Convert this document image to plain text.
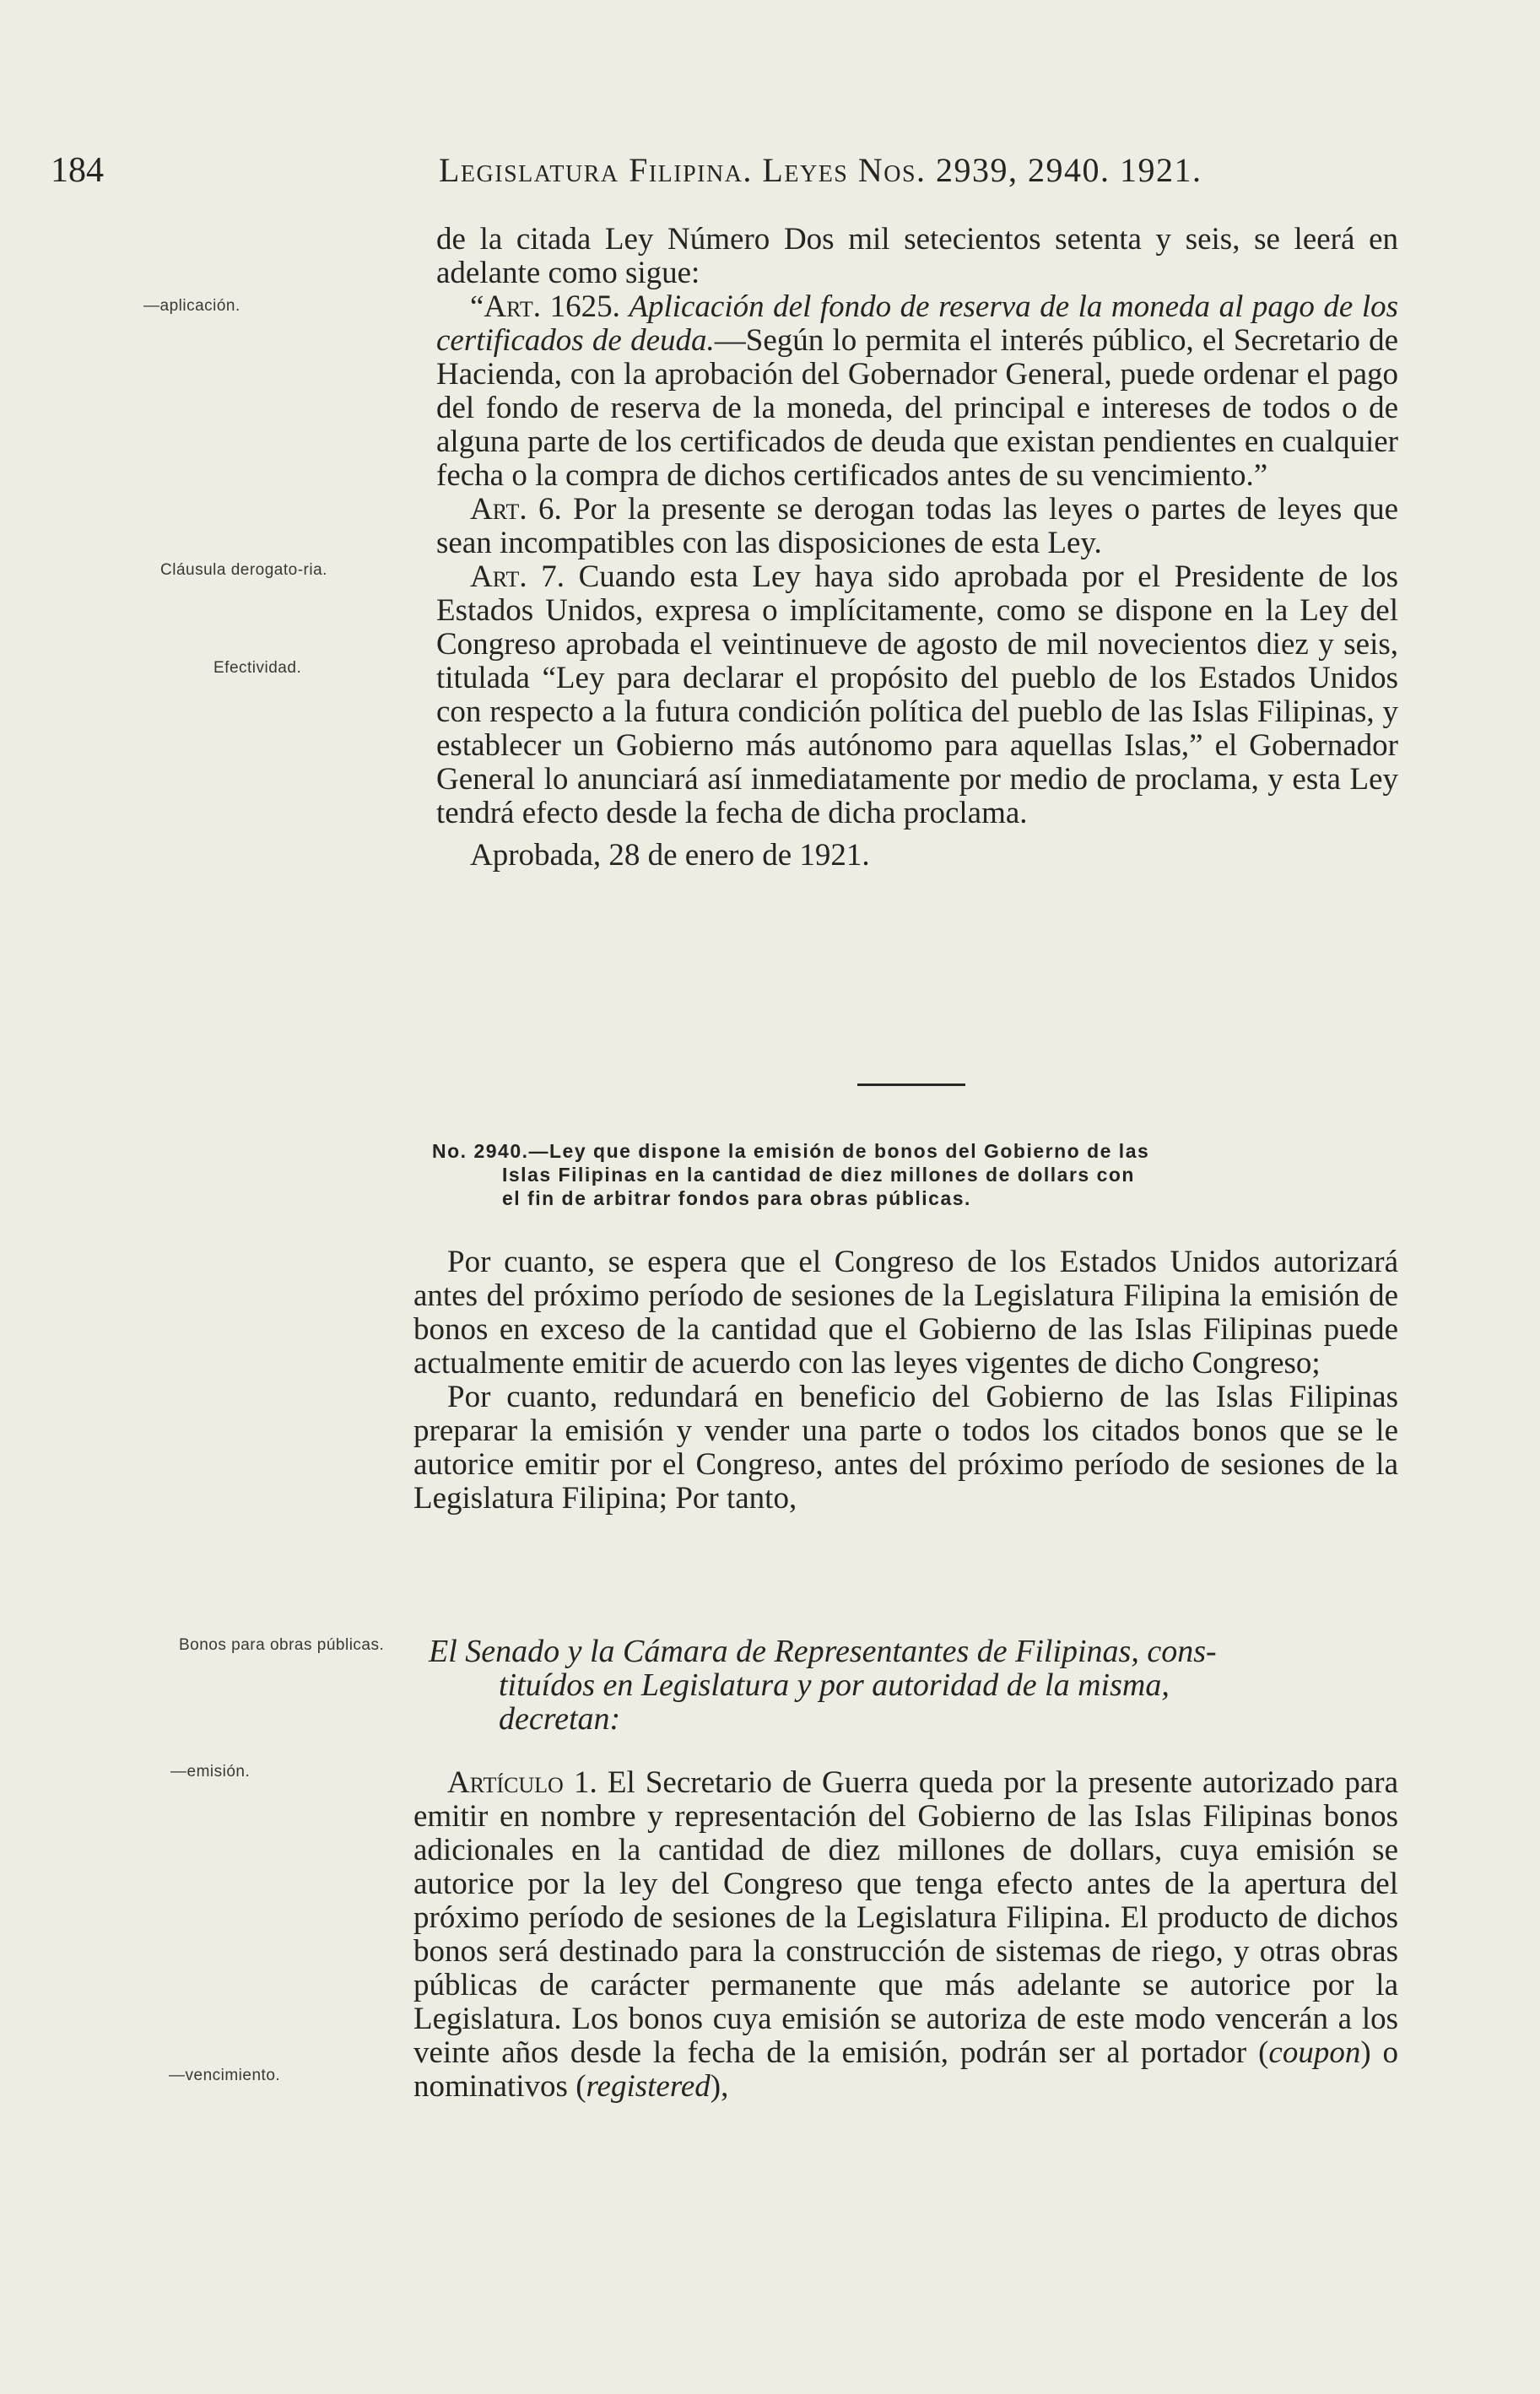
184	Legislatura Filipina. Leyes Nos. 2939, 2940. 1921.
—aplicación.
Cláusula derogato-ria.
Efectividad.
Bonos para obras públicas.
—emisión.
—vencimiento.

de la citada Ley Número Dos mil setecientos setenta y seis, se leerá en adelante como sigue:

“Art. 1625. Aplicación del fondo de reserva de la moneda al pago de los certificados de deuda.—Según lo permita el interés público, el Secretario de Hacienda, con la aprobación del Gobernador General, puede ordenar el pago del fondo de reserva de la moneda, del principal e intereses de todos o de alguna parte de los certificados de deuda que existan pendientes en cualquier fecha o la compra de dichos certificados antes de su vencimiento.”

Art. 6. Por la presente se derogan todas las leyes o partes de leyes que sean incompatibles con las disposiciones de esta Ley.

Art. 7. Cuando esta Ley haya sido aprobada por el Presidente de los Estados Unidos, expresa o implícitamente, como se dispone en la Ley del Congreso aprobada el veintinueve de agosto de mil novecientos diez y seis, titulada “Ley para declarar el propósito del pueblo de los Estados Unidos con respecto a la futura condición política del pueblo de las Islas Filipinas, y establecer un Gobierno más autónomo para aquellas Islas,” el Gobernador General lo anunciará así inmediatamente por medio de proclama, y esta Ley tendrá efecto desde la fecha de dicha proclama.

Aprobada, 28 de enero de 1921.

No. 2940.—Ley que dispone la emisión de bonos del Gobierno de las
Islas Filipinas en la cantidad de diez millones de dollars con
el fin de arbitrar fondos para obras públicas.

Por cuanto, se espera que el Congreso de los Estados Unidos autorizará antes del próximo período de sesiones de la Legislatura Filipina la emisión de bonos en exceso de la cantidad que el Gobierno de las Islas Filipinas puede actualmente emitir de acuerdo con las leyes vigentes de dicho Congreso;

Por cuanto, redundará en beneficio del Gobierno de las Islas Filipinas preparar la emisión y vender una parte o todos los citados bonos que se le autorice emitir por el Congreso, antes del próximo período de sesiones de la Legislatura Filipina; Por tanto,

El Senado y la Cámara de Representantes de Filipinas, cons-
tituídos en Legislatura y por autoridad de la misma,
decretan:

Artículo 1. El Secretario de Guerra queda por la presente autorizado para emitir en nombre y representación del Gobierno de las Islas Filipinas bonos adicionales en la cantidad de diez millones de dollars, cuya emisión se autorice por la ley del Congreso que tenga efecto antes de la apertura del próximo período de sesiones de la Legislatura Filipina. El producto de dichos bonos será destinado para la construcción de sistemas de riego, y otras obras públicas de carácter permanente que más adelante se autorice por la Legislatura. Los bonos cuya emisión se autoriza de este modo vencerán a los veinte años desde la fecha de la emisión, podrán ser al portador (coupon) o nominativos (registered),
